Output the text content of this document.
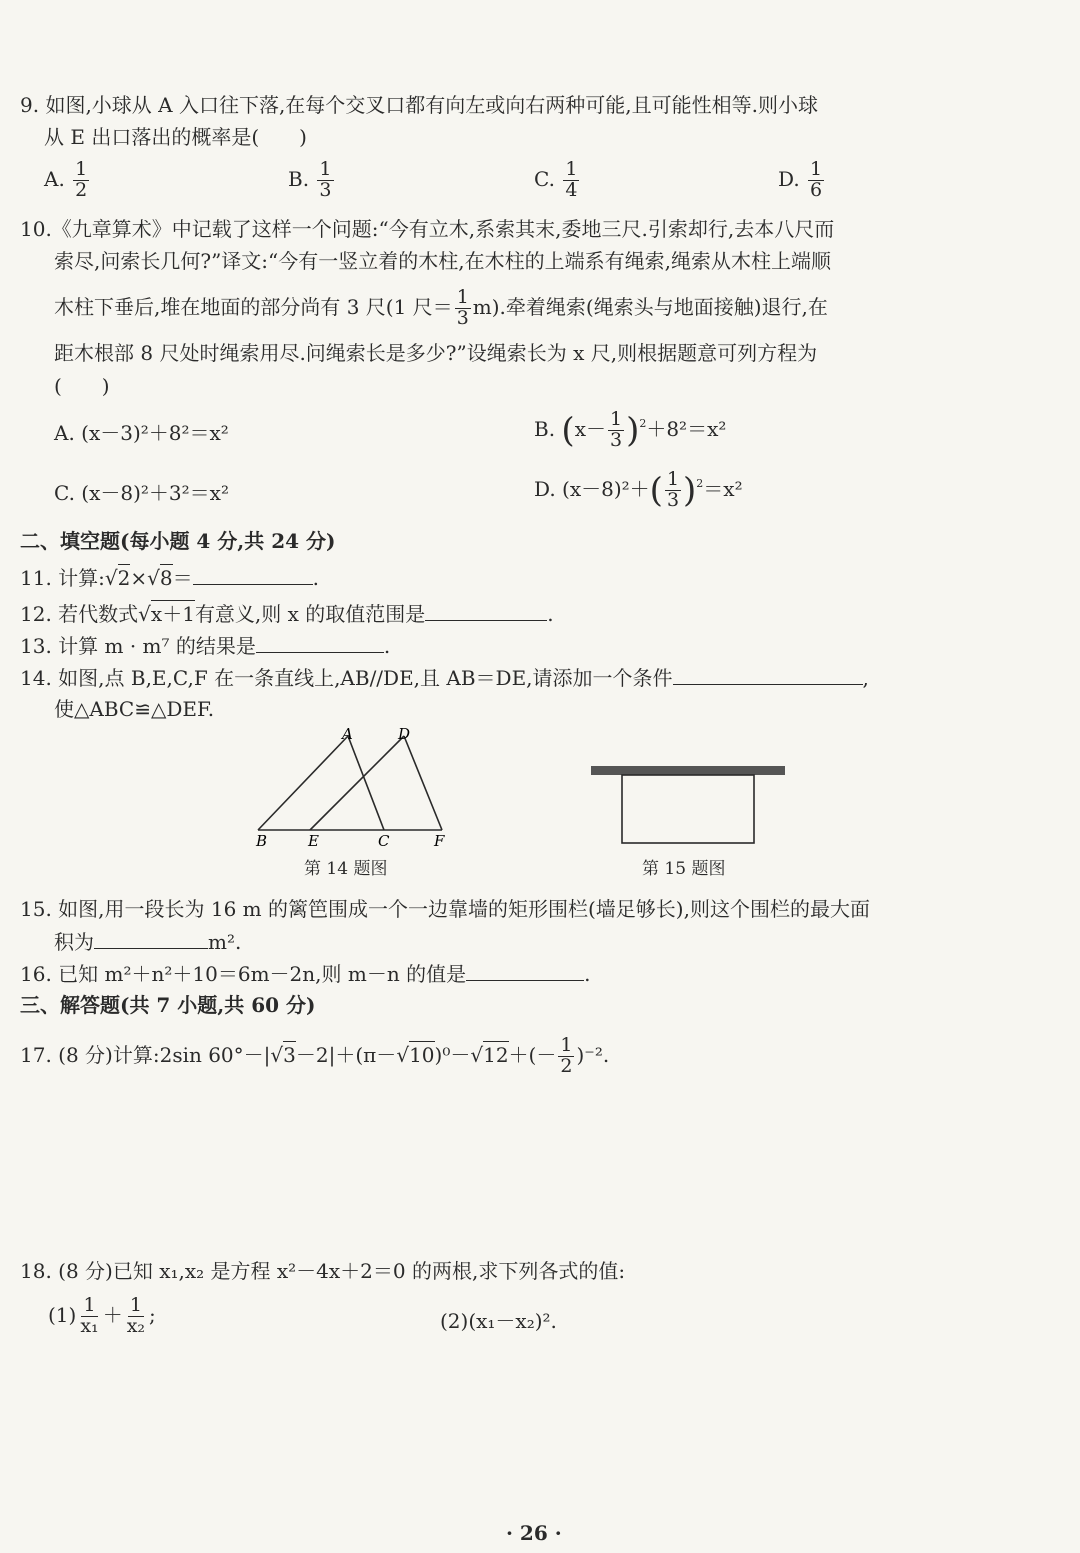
9. 如图,小球从 A 入口往下落,在每个交叉口都有向左或向右两种可能,且可能性相等.则小球
从 E 出口落出的概率是(　　)
A. $\frac{1}{2}$	B. $\frac{1}{3}$	C. $\frac{1}{4}$	D. $\frac{1}{6}$
10.《九章算术》中记载了这样一个问题:“今有立木,系索其末,委地三尺.引索却行,去本八尺而
索尽,问索长几何?”译文:“今有一竖立着的木柱,在木柱的上端系有绳索,绳索从木柱上端顺
木柱下垂后,堆在地面的部分尚有 3 尺(1 尺＝ $\frac{1}{3} m$).牵着绳索(绳索头与地面接触)退行,在
距木根部 8 尺处时绳索用尽.问绳索长是多少?”设绳索长为 x 尺,则根据题意可列方程为
(　　)
A. (x－3)²＋8²＝x²	B. $(x- \frac{1}{3} )^2+8^2=x^2$
C. (x－8)²＋3²＝x²	D. $(x-8)^2+( \frac{1}{3} )^2=x^2$
二、填空题(每小题 4 分,共 24 分)
11. 计算:√2×√8＝	.
12. 若代数式√x＋1有意义,则 x 的取值范围是	.
13. 计算 m · m⁷ 的结果是	.
14. 如图,点 B,E,C,F 在一条直线上,AB//DE,且 AB＝DE,请添加一个条件	,
使△ABC≌△DEF.
A	D
B	E	C	F
第 14 题图	第 15 题图
15. 如图,用一段长为 16 m 的篱笆围成一个一边靠墙的矩形围栏(墙足够长),则这个围栏的最大面
积为	m².
16. 已知 m²＋n²＋10＝6m－2n,则 m－n 的值是	.
三、解答题(共 7 小题,共 60 分)
17. (8 分)计算:2sin $60^\circ-|√3-2|+(\pi-√10)^0-√12+(- \frac{1}{2} )^{-2}$.
18. (8 分)已知 x₁,x₂ 是方程 x²－4x＋2＝0 的两根,求下列各式的值:
$(1) \frac{1}{\text{x₁}} + \frac{1}{\text{x₂}}$ ;	(2)(x₁－x₂)².
· 26 ·
